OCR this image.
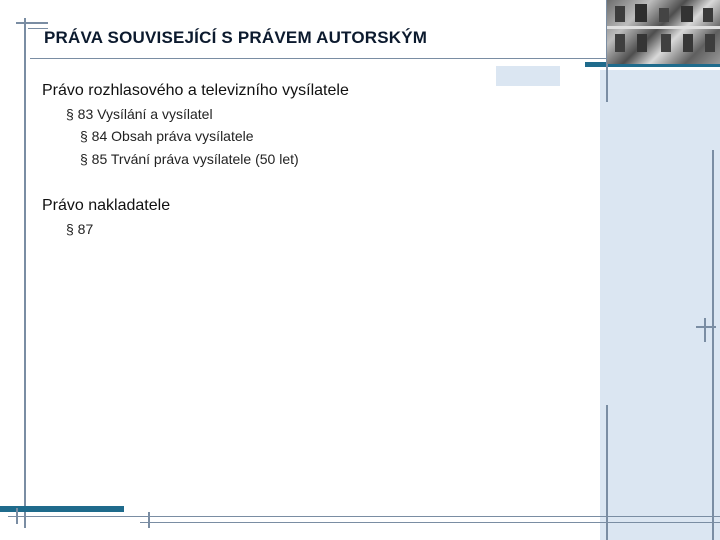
PRÁVA SOUVISEJÍCÍ S PRÁVEM AUTORSKÝM
Právo rozhlasového a televizního vysílatele
§ 83 Vysílání a vysílatel
§ 84 Obsah práva vysílatele
§ 85 Trvání práva vysílatele (50 let)
Právo nakladatele
§ 87
